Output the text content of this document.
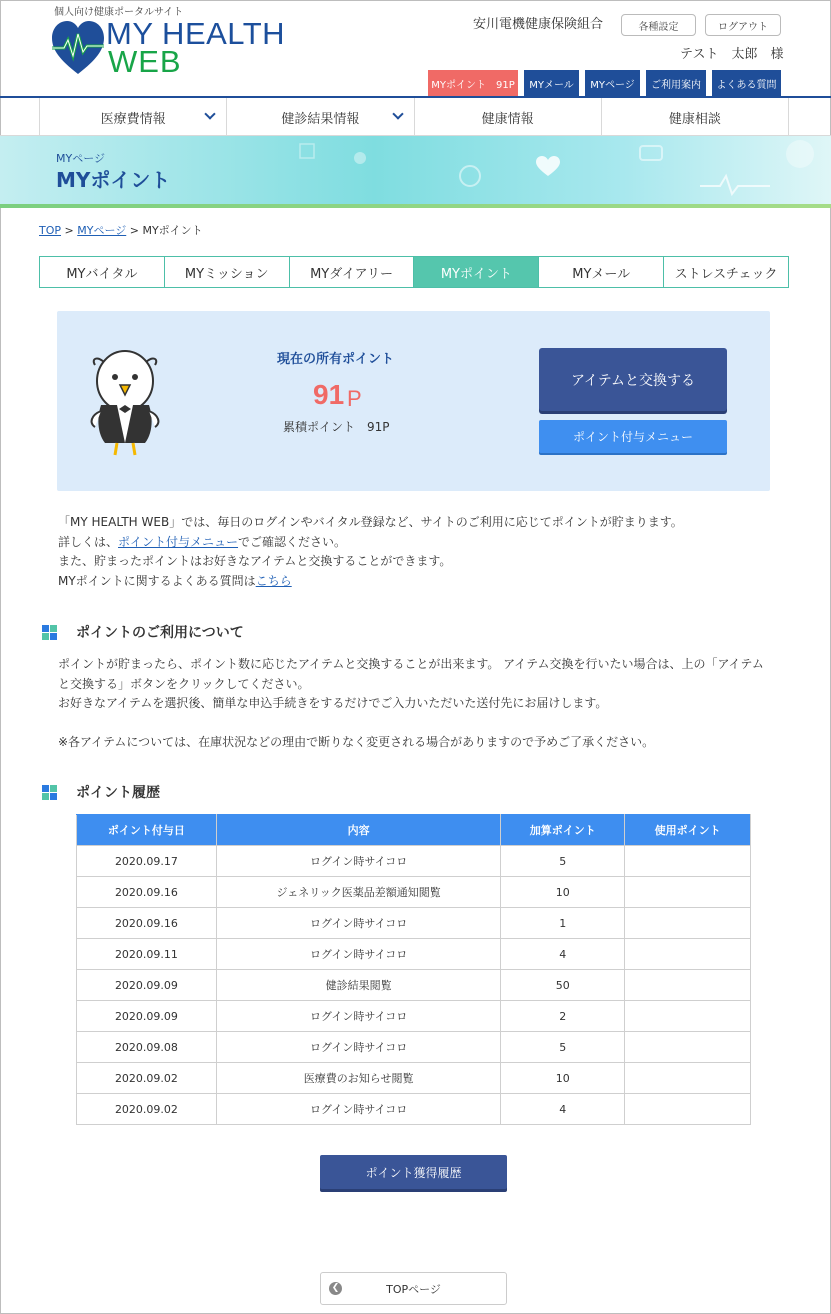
個人向け健康ポータルサイト
MY HEALTH
WEB
安川電機健康保険組合	各種設定	ログアウト
テスト　太郎　様
MYポイント　91P	MYメール	MYページ	ご利用案内	よくある質問
医療費情報	健診結果情報	健康情報	健康相談
MYページ
MYポイント
TOP > MYページ > MYポイント
MYバイタル	MYミッション	MYダイアリー	MYポイント	MYメール	ストレスチェック
現在の所有ポイント
91 P
累積ポイント　91P
アイテムと交換する
ポイント付与メニュー
「MY HEALTH WEB」では、毎日のログインやバイタル登録など、サイトのご利用に応じてポイントが貯まります。
詳しくは、ポイント付与メニューでご確認ください。
また、貯まったポイントはお好きなアイテムと交換することができます。
MYポイントに関するよくある質問はこちら
ポイントのご利用について
ポイントが貯まったら、ポイント数に応じたアイテムと交換することが出来ます。 アイテム交換を行いたい場合は、上の「アイテム
と交換する」ボタンをクリックしてください。
お好きなアイテムを選択後、簡単な申込手続きをするだけでご入力いただいた送付先にお届けします。
※各アイテムについては、在庫状況などの理由で断りなく変更される場合がありますので予めご了承ください。
ポイント履歴
ポイント付与日	内容	加算ポイント	使用ポイント
2020.09.17	ログイン時サイコロ	5	
2020.09.16	ジェネリック医薬品差額通知閲覧	10	
2020.09.16	ログイン時サイコロ	1	
2020.09.11	ログイン時サイコロ	4	
2020.09.09	健診結果閲覧	50	
2020.09.09	ログイン時サイコロ	2	
2020.09.08	ログイン時サイコロ	5	
2020.09.02	医療費のお知らせ閲覧	10	
2020.09.02	ログイン時サイコロ	4	
ポイント獲得履歴
❮	TOPページ
